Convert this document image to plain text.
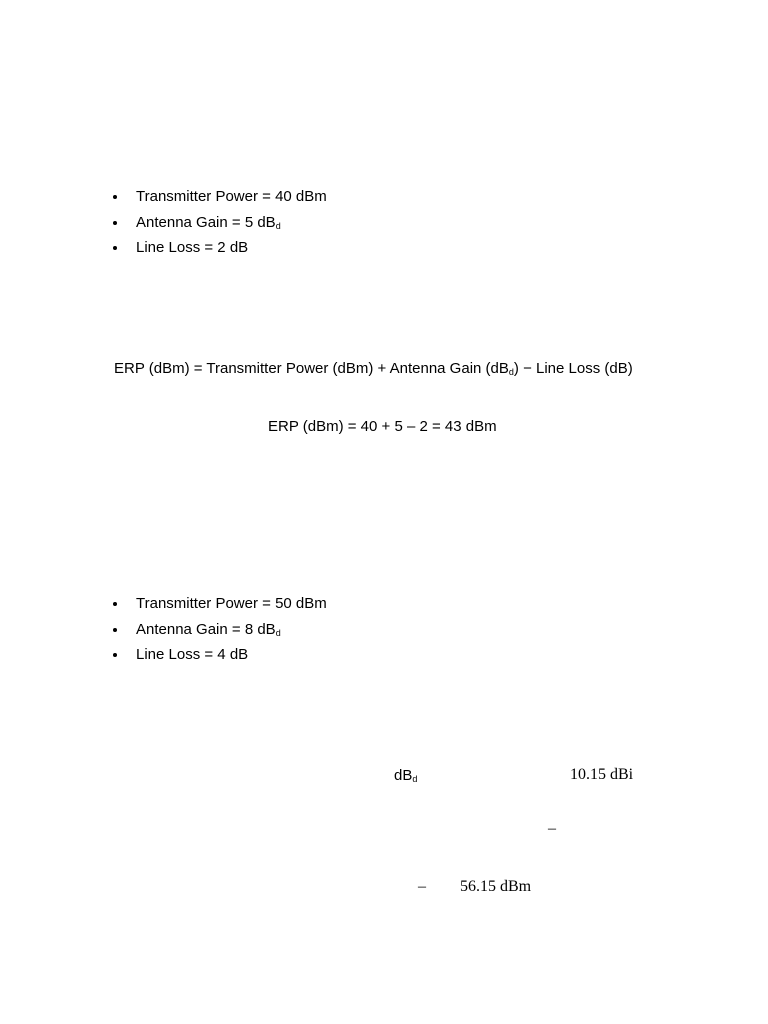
Transmitter Power = 40 dBm
Antenna Gain = 5 $dB_d$
Line Loss = 2 dB
ERP (dBm) = Transmitter Power (dBm) + Antenna Gain $(dB_d)$ − Line Loss (dB)
ERP (dBm) = 40 + 5 – 2 = 43 dBm
Transmitter Power = 50 dBm
Antenna Gain = 8 $dB_d$
Line Loss = 4 dB
$dB_d$	10.15 dBi
–
– 56.15 dBm
